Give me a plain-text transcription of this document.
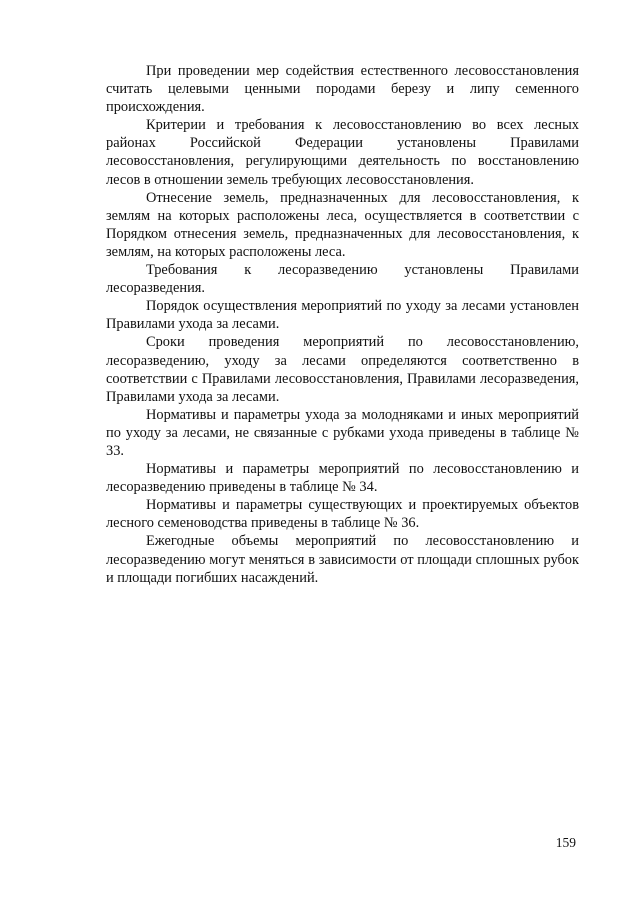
При проведении мер содействия естественного лесовосстановления считать целевыми ценными породами березу и липу семенного происхождения.

Критерии и требования к лесовосстановлению во всех лесных районах Российской Федерации установлены Правилами лесовосстановления, регулирующими деятельность по восстановлению лесов в отношении земель требующих лесовосстановления.

Отнесение земель, предназначенных для лесовосстановления, к землям на которых расположены леса, осуществляется в соответствии с Порядком отнесения земель, предназначенных для лесовосстановления, к землям, на которых расположены леса.

Требования к лесоразведению установлены Правилами лесоразведения.

Порядок осуществления мероприятий по уходу за лесами установлен Правилами ухода за лесами.

Сроки проведения мероприятий по лесовосстановлению, лесоразведению, уходу за лесами определяются соответственно в соответствии с Правилами лесовосстановления, Правилами лесоразведения, Правилами ухода за лесами.

Нормативы и параметры ухода за молодняками и иных мероприятий по уходу за лесами, не связанные с рубками ухода приведены в таблице № 33.

Нормативы и параметры мероприятий по лесовосстановлению и лесоразведению приведены в таблице № 34.

Нормативы и параметры существующих и проектируемых объектов лесного семеноводства приведены в таблице № 36.

Ежегодные объемы мероприятий по лесовосстановлению и лесоразведению могут меняться в зависимости от площади сплошных рубок и площади погибших насаждений.

159
